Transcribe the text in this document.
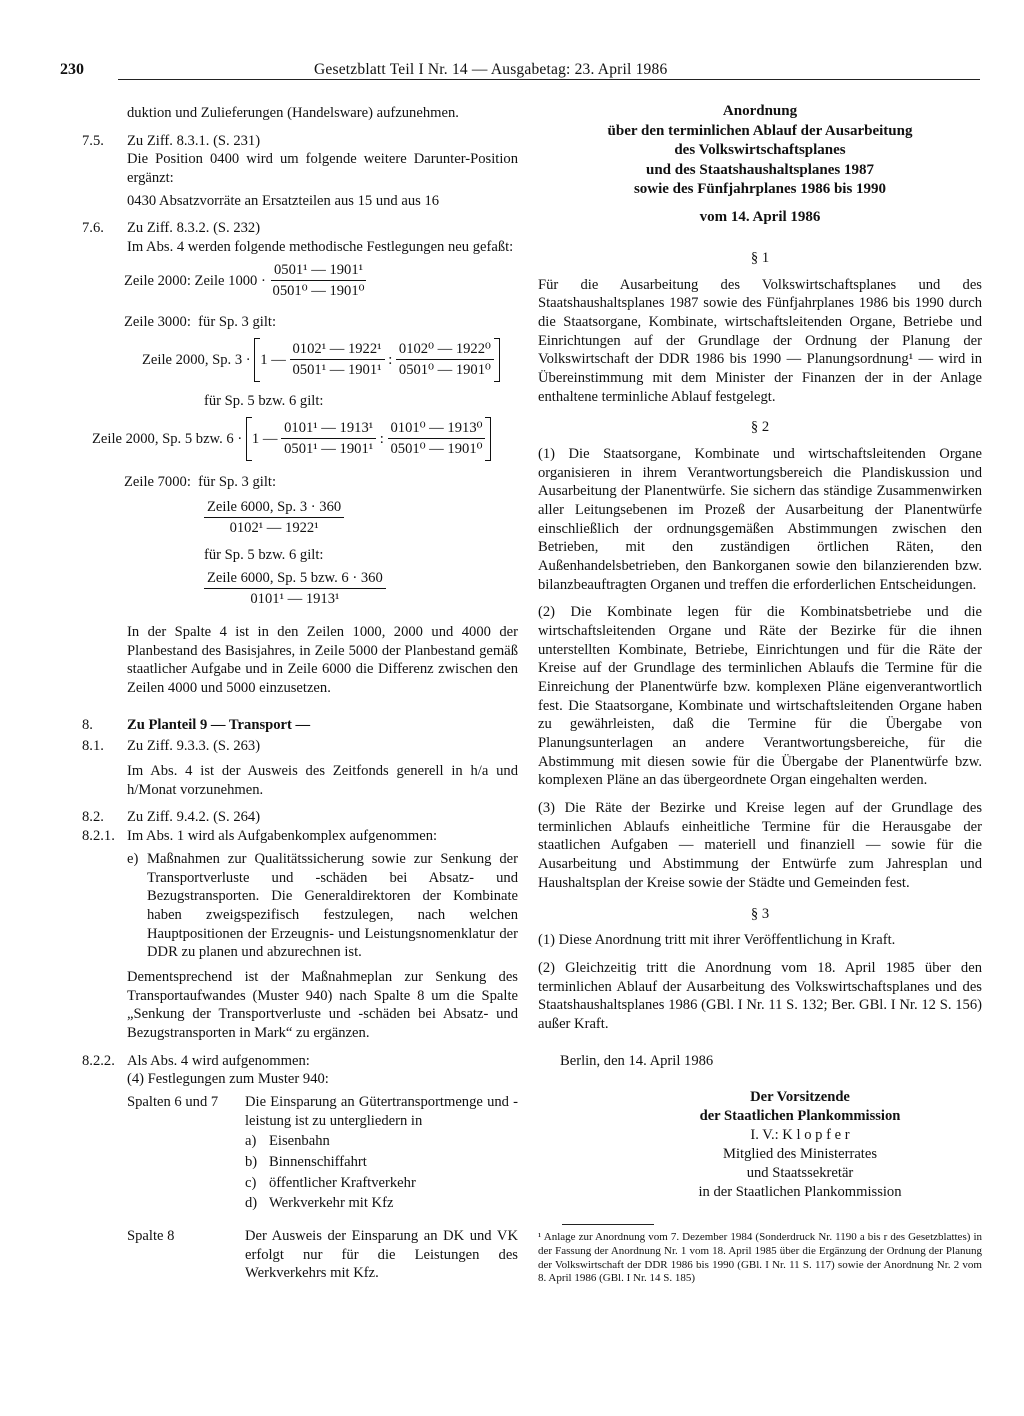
230	Gesetzblatt Teil I Nr. 14 — Ausgabetag: 23. April 1986

duktion und Zulieferungen (Handelsware) aufzunehmen.

7.5.	Zu Ziff. 8.3.1. (S. 231)

Die Position 0400 wird um folgende weitere Darunter-Position ergänzt:

0430 Absatzvorräte an Ersatzteilen aus 15 und aus 16

7.6.	Zu Ziff. 8.3.2. (S. 232)

Im Abs. 4 werden folgende methodische Festlegungen neu gefaßt:

Zeile 2000:
Zeile 1000 ·
$\frac{\text{0501¹ — 1901¹}}{\text{0501⁰ — 1901⁰}}$

Zeile 3000: für Sp. 3 gilt:

Zeile 2000, Sp. 3 ·
1 —
$\frac{\text{0102¹ — 1922¹}}{\text{0501¹ — 1901¹}}$
:
$\frac{\text{0102⁰ — 1922⁰}}{\text{0501⁰ — 1901⁰}}$

für Sp. 5 bzw. 6 gilt:

Zeile 2000, Sp. 5 bzw. 6 ·
1 —
$\frac{\text{0101¹ — 1913¹}}{\text{0501¹ — 1901¹}}$
:
$\frac{\text{0101⁰ — 1913⁰}}{\text{0501⁰ — 1901⁰}}$

Zeile 7000: für Sp. 3 gilt:

$\frac{\text{Zeile 6000, Sp. 3 · 360}}{\text{0102¹ — 1922¹}}$

für Sp. 5 bzw. 6 gilt:

$\frac{\text{Zeile 6000, Sp. 5 bzw. 6 · 360}}{\text{0101¹ — 1913¹}}$

In der Spalte 4 ist in den Zeilen 1000, 2000 und 4000 der Planbestand des Basisjahres, in Zeile 5000 der Planbestand gemäß staatlicher Aufgabe und in Zeile 6000 die Differenz zwischen den Zeilen 4000 und 5000 einzusetzen.

8.	Zu Planteil 9 — Transport —
8.1.	Zu Ziff. 9.3.3. (S. 263)

Im Abs. 4 ist der Ausweis des Zeitfonds generell in h/a und h/Monat vorzunehmen.

8.2.	Zu Ziff. 9.4.2. (S. 264)
8.2.1. Im Abs. 1 wird als Aufgabenkomplex aufgenommen:

e) Maßnahmen zur Qualitätssicherung sowie zur Senkung der Transportverluste und -schäden bei Absatz- und Bezugstransporten. Die Generaldirektoren der Kombinate haben zweigspezifisch festzulegen, nach welchen Hauptpositionen der Erzeugnis- und Leistungsnomenklatur der DDR zu planen und abzurechnen ist.

Dementsprechend ist der Maßnahmeplan zur Senkung des Transportaufwandes (Muster 940) nach Spalte 8 um die Spalte „Senkung der Transportverluste und -schäden bei Absatz- und Bezugstransporten in Mark“ zu ergänzen.

8.2.2. Als Abs. 4 wird aufgenommen:

(4) Festlegungen zum Muster 940:

Spalten 6 und 7	Die Einsparung an Gütertransportmenge und -leistung ist zu untergliedern in

a) Eisenbahn
b) Binnenschiffahrt
c) öffentlicher Kraftverkehr
d) Werkverkehr mit Kfz
Spalte 8	Der Ausweis der Einsparung an DK und VK erfolgt nur für die Leistungen des Werkverkehrs mit Kfz.

Anordnung
über den terminlichen Ablauf der Ausarbeitung
des Volkswirtschaftsplanes
und des Staatshaushaltsplanes 1987
sowie des Fünfjahrplanes 1986 bis 1990

vom 14. April 1986

§ 1

Für die Ausarbeitung des Volkswirtschaftsplanes und des Staatshaushaltsplanes 1987 sowie des Fünfjahrplanes 1986 bis 1990 durch die Staatsorgane, Kombinate, wirtschaftsleitenden Organe, Betriebe und Einrichtungen auf der Grundlage der Ordnung der Planung der Volkswirtschaft der DDR 1986 bis 1990 — Planungsordnung¹ — wird in Übereinstimmung mit dem Minister der Finanzen der in der Anlage enthaltene terminliche Ablauf festgelegt.

§ 2

(1) Die Staatsorgane, Kombinate und wirtschaftsleitenden Organe organisieren in ihrem Verantwortungsbereich die Plandiskussion und Ausarbeitung der Planentwürfe. Sie sichern das ständige Zusammenwirken aller Leitungsebenen im Prozeß der Ausarbeitung der Planentwürfe einschließlich der ordnungsgemäßen Abstimmungen zwischen den Betrieben, mit den zuständigen örtlichen Räten, den Außenhandelsbetrieben, den Bankorganen sowie den bilanzierenden bzw. bilanzbeauftragten Organen und treffen die erforderlichen Entscheidungen.

(2) Die Kombinate legen für die Kombinatsbetriebe und die wirtschaftsleitenden Organe und Räte der Bezirke für die ihnen unterstellten Kombinate, Betriebe, Einrichtungen und für die Räte der Kreise auf der Grundlage des terminlichen Ablaufs die Termine für die Einreichung der Planentwürfe bzw. komplexen Pläne eigenverantwortlich fest. Die Staatsorgane, Kombinate und wirtschaftsleitenden Organe haben zu gewährleisten, daß die Termine für die Übergabe von Planungsunterlagen an andere Verantwortungsbereiche, für die Abstimmung mit diesen sowie für die Übergabe der Planentwürfe bzw. komplexen Pläne an das übergeordnete Organ eingehalten werden.

(3) Die Räte der Bezirke und Kreise legen auf der Grundlage des terminlichen Ablaufs einheitliche Termine für die Herausgabe der staatlichen Aufgaben — materiell und finanziell — sowie für die Ausarbeitung und Abstimmung der Entwürfe zum Jahresplan und Haushaltsplan der Kreise sowie der Städte und Gemeinden fest.

§ 3

(1) Diese Anordnung tritt mit ihrer Veröffentlichung in Kraft.

(2) Gleichzeitig tritt die Anordnung vom 18. April 1985 über den terminlichen Ablauf der Ausarbeitung des Volkswirtschaftsplanes und des Staatshaushaltsplanes 1986 (GBl. I Nr. 11 S. 132; Ber. GBl. I Nr. 12 S. 156) außer Kraft.

Berlin, den 14. April 1986

Der Vorsitzende
der Staatlichen Plankommission
I. V.: K l o p f e r
Mitglied des Ministerrates
und Staatssekretär
in der Staatlichen Plankommission

¹ Anlage zur Anordnung vom 7. Dezember 1984 (Sonderdruck Nr. 1190 a bis r des Gesetzblattes) in der Fassung der Anordnung Nr. 1 vom 18. April 1985 über die Ergänzung der Ordnung der Planung der Volkswirtschaft der DDR 1986 bis 1990 (GBl. I Nr. 11 S. 117) sowie der Anordnung Nr. 2 vom 8. April 1986 (GBl. I Nr. 14 S. 185)
